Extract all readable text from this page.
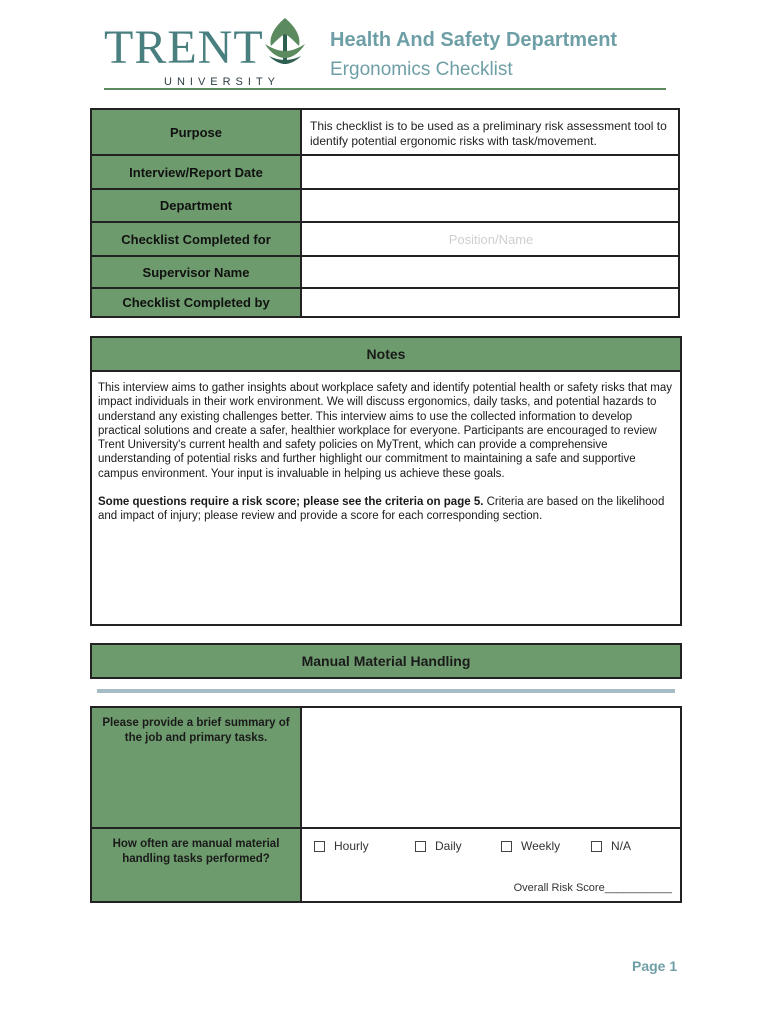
TRENT
UNIVERSITY
Health And Safety Department
Ergonomics Checklist
Purpose	This checklist is to be used as a preliminary risk assessment tool to identify potential ergonomic risks with task/movement.
Interview/Report Date
Department
Checklist Completed for	Position/Name
Supervisor Name
Checklist Completed by
Notes

This interview aims to gather insights about workplace safety and identify potential health or safety risks that may impact individuals in their work environment. We will discuss ergonomics, daily tasks, and potential hazards to understand any existing challenges better. This interview aims to use the collected information to develop practical solutions and create a safer, healthier workplace for everyone. Participants are encouraged to review Trent University's current health and safety policies on MyTrent, which can provide a comprehensive understanding of potential risks and further highlight our commitment to maintaining a safe and supportive campus environment. Your input is invaluable in helping us achieve these goals.

Some questions require a risk score; please see the criteria on page 5. Criteria are based on the likelihood and impact of injury; please review and provide a score for each corresponding section.

Manual Material Handling
Please provide a brief summary of the job and primary tasks.
How often are manual material handling tasks performed?
Hourly	Daily	Weekly	N/A
Overall Risk Score___________
Page 1
